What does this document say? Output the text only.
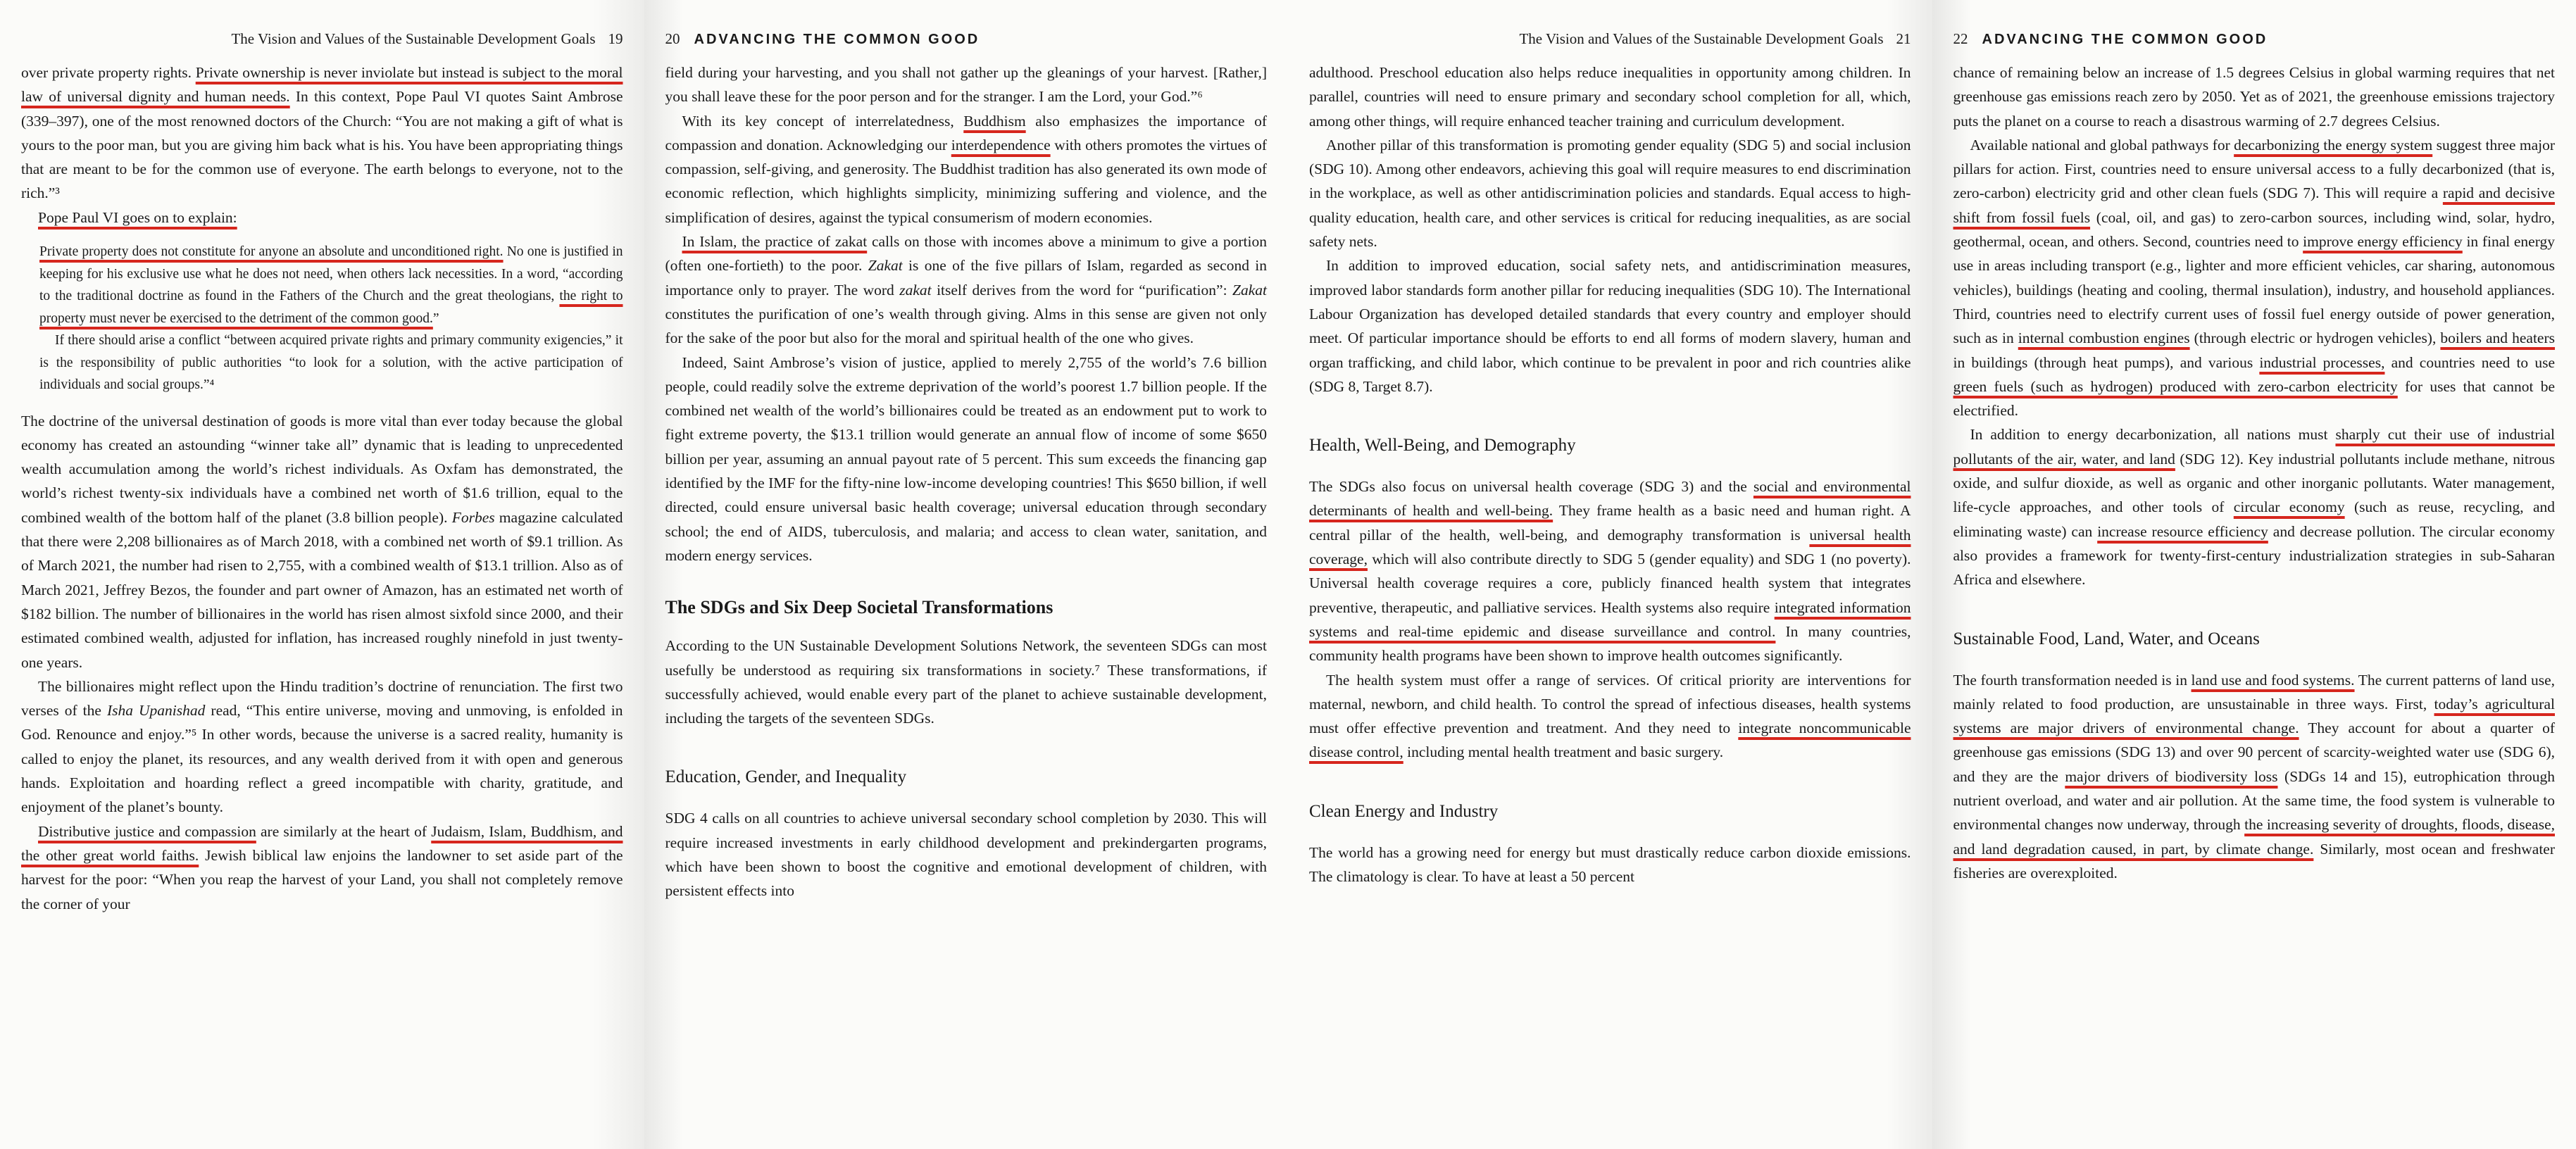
The Vision and Values of the Sustainable Development Goals 19

over private property rights. Private ownership is never inviolate but instead is subject to the moral law of universal dignity and human needs. In this context, Pope Paul VI quotes Saint Ambrose (339–397), one of the most renowned doctors of the Church: “You are not making a gift of what is yours to the poor man, but you are giving him back what is his. You have been appropriating things that are meant to be for the common use of everyone. The earth belongs to everyone, not to the rich.”³

Pope Paul VI goes on to explain:

Private property does not constitute for anyone an absolute and unconditioned right. No one is justified in keeping for his exclusive use what he does not need, when others lack necessities. In a word, “according to the traditional doctrine as found in the Fathers of the Church and the great theologians, the right to property must never be exercised to the detriment of the common good.”

If there should arise a conflict “between acquired private rights and primary community exigencies,” it is the responsibility of public authorities “to look for a solution, with the active participation of individuals and social groups.”⁴

The doctrine of the universal destination of goods is more vital than ever today because the global economy has created an astounding “winner take all” dynamic that is leading to unprecedented wealth accumulation among the world’s richest individuals. As Oxfam has demonstrated, the world’s richest twenty-six individuals have a combined net worth of $1.6 trillion, equal to the combined wealth of the bottom half of the planet (3.8 billion people). Forbes magazine calculated that there were 2,208 billionaires as of March 2018, with a combined net worth of $9.1 trillion. As of March 2021, the number had risen to 2,755, with a combined wealth of $13.1 trillion. Also as of March 2021, Jeffrey Bezos, the founder and part owner of Amazon, has an estimated net worth of $182 billion. The number of billionaires in the world has risen almost sixfold since 2000, and their estimated combined wealth, adjusted for inflation, has increased roughly ninefold in just twenty-one years.

The billionaires might reflect upon the Hindu tradition’s doctrine of renunciation. The first two verses of the Isha Upanishad read, “This entire universe, moving and unmoving, is enfolded in God. Renounce and enjoy.”⁵ In other words, because the universe is a sacred reality, humanity is called to enjoy the planet, its resources, and any wealth derived from it with open and generous hands. Exploitation and hoarding reflect a greed incompatible with charity, gratitude, and enjoyment of the planet’s bounty.

Distributive justice and compassion are similarly at the heart of Judaism, Islam, Buddhism, and the other great world faiths. Jewish biblical law enjoins the landowner to set aside part of the harvest for the poor: “When you reap the harvest of your Land, you shall not completely remove the corner of your

20 ADVANCING THE COMMON GOOD

field during your harvesting, and you shall not gather up the gleanings of your harvest. [Rather,] you shall leave these for the poor person and for the stranger. I am the Lord, your God.”⁶

With its key concept of interrelatedness, Buddhism also emphasizes the importance of compassion and donation. Acknowledging our interdependence with others promotes the virtues of compassion, self-giving, and generosity. The Buddhist tradition has also generated its own mode of economic reflection, which highlights simplicity, minimizing suffering and violence, and the simplification of desires, against the typical consumerism of modern economies.

In Islam, the practice of zakat calls on those with incomes above a minimum to give a portion (often one-fortieth) to the poor. Zakat is one of the five pillars of Islam, regarded as second in importance only to prayer. The word zakat itself derives from the word for “purification”: Zakat constitutes the purification of one’s wealth through giving. Alms in this sense are given not only for the sake of the poor but also for the moral and spiritual health of the one who gives.

Indeed, Saint Ambrose’s vision of justice, applied to merely 2,755 of the world’s 7.6 billion people, could readily solve the extreme deprivation of the world’s poorest 1.7 billion people. If the combined net wealth of the world’s billionaires could be treated as an endowment put to work to fight extreme poverty, the $13.1 trillion would generate an annual flow of income of some $650 billion per year, assuming an annual payout rate of 5 percent. This sum exceeds the financing gap identified by the IMF for the fifty-nine low-income developing countries! This $650 billion, if well directed, could ensure universal basic health coverage; universal education through secondary school; the end of AIDS, tuberculosis, and malaria; and access to clean water, sanitation, and modern energy services.

The SDGs and Six Deep Societal Transformations

According to the UN Sustainable Development Solutions Network, the seventeen SDGs can most usefully be understood as requiring six transformations in society.⁷ These transformations, if successfully achieved, would enable every part of the planet to achieve sustainable development, including the targets of the seventeen SDGs.

Education, Gender, and Inequality

SDG 4 calls on all countries to achieve universal secondary school completion by 2030. This will require increased investments in early childhood development and prekindergarten programs, which have been shown to boost the cognitive and emotional development of children, with persistent effects into

The Vision and Values of the Sustainable Development Goals 21

adulthood. Preschool education also helps reduce inequalities in opportunity among children. In parallel, countries will need to ensure primary and secondary school completion for all, which, among other things, will require enhanced teacher training and curriculum development.

Another pillar of this transformation is promoting gender equality (SDG 5) and social inclusion (SDG 10). Among other endeavors, achieving this goal will require measures to end discrimination in the workplace, as well as other antidiscrimination policies and standards. Equal access to high-quality education, health care, and other services is critical for reducing inequalities, as are social safety nets.

In addition to improved education, social safety nets, and antidiscrimination measures, improved labor standards form another pillar for reducing inequalities (SDG 10). The International Labour Organization has developed detailed standards that every country and employer should meet. Of particular importance should be efforts to end all forms of modern slavery, human and organ trafficking, and child labor, which continue to be prevalent in poor and rich countries alike (SDG 8, Target 8.7).

Health, Well-Being, and Demography

The SDGs also focus on universal health coverage (SDG 3) and the social and environmental determinants of health and well-being. They frame health as a basic need and human right. A central pillar of the health, well-being, and demography transformation is universal health coverage, which will also contribute directly to SDG 5 (gender equality) and SDG 1 (no poverty). Universal health coverage requires a core, publicly financed health system that integrates preventive, therapeutic, and palliative services. Health systems also require integrated information systems and real-time epidemic and disease surveillance and control. In many countries, community health programs have been shown to improve health outcomes significantly.

The health system must offer a range of services. Of critical priority are interventions for maternal, newborn, and child health. To control the spread of infectious diseases, health systems must offer effective prevention and treatment. And they need to integrate noncommunicable disease control, including mental health treatment and basic surgery.

Clean Energy and Industry

The world has a growing need for energy but must drastically reduce carbon dioxide emissions. The climatology is clear. To have at least a 50 percent

22 ADVANCING THE COMMON GOOD

chance of remaining below an increase of 1.5 degrees Celsius in global warming requires that net greenhouse gas emissions reach zero by 2050. Yet as of 2021, the greenhouse emissions trajectory puts the planet on a course to reach a disastrous warming of 2.7 degrees Celsius.

Available national and global pathways for decarbonizing the energy system suggest three major pillars for action. First, countries need to ensure universal access to a fully decarbonized (that is, zero-carbon) electricity grid and other clean fuels (SDG 7). This will require a rapid and decisive shift from fossil fuels (coal, oil, and gas) to zero-carbon sources, including wind, solar, hydro, geothermal, ocean, and others. Second, countries need to improve energy efficiency in final energy use in areas including transport (e.g., lighter and more efficient vehicles, car sharing, autonomous vehicles), buildings (heating and cooling, thermal insulation), industry, and household appliances. Third, countries need to electrify current uses of fossil fuel energy outside of power generation, such as in internal combustion engines (through electric or hydrogen vehicles), boilers and heaters in buildings (through heat pumps), and various industrial processes, and countries need to use green fuels (such as hydrogen) produced with zero-carbon electricity for uses that cannot be electrified.

In addition to energy decarbonization, all nations must sharply cut their use of industrial pollutants of the air, water, and land (SDG 12). Key industrial pollutants include methane, nitrous oxide, and sulfur dioxide, as well as organic and other inorganic pollutants. Water management, life-cycle approaches, and other tools of circular economy (such as reuse, recycling, and eliminating waste) can increase resource efficiency and decrease pollution. The circular economy also provides a framework for twenty-first-century industrialization strategies in sub-Saharan Africa and elsewhere.

Sustainable Food, Land, Water, and Oceans

The fourth transformation needed is in land use and food systems. The current patterns of land use, mainly related to food production, are unsustainable in three ways. First, today’s agricultural systems are major drivers of environmental change. They account for about a quarter of greenhouse gas emissions (SDG 13) and over 90 percent of scarcity-weighted water use (SDG 6), and they are the major drivers of biodiversity loss (SDGs 14 and 15), eutrophication through nutrient overload, and water and air pollution. At the same time, the food system is vulnerable to environmental changes now underway, through the increasing severity of droughts, floods, disease, and land degradation caused, in part, by climate change. Similarly, most ocean and freshwater fisheries are overexploited.
